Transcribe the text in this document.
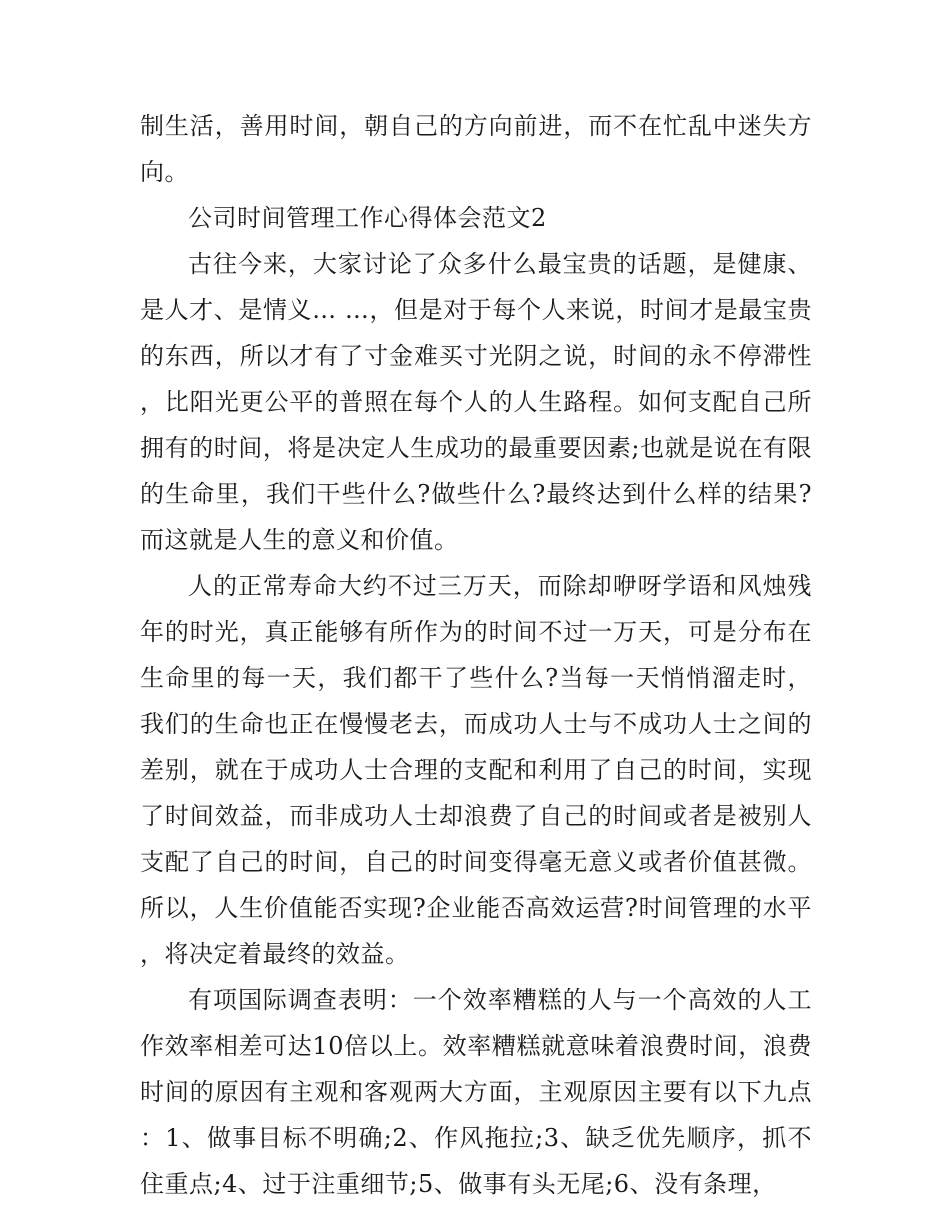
制生活，善用时间，朝自己的方向前进，而不在忙乱中迷失方向。

公司时间管理工作心得体会范文2

古往今来，大家讨论了众多什么最宝贵的话题，是健康、是人才、是情义… …，但是对于每个人来说，时间才是最宝贵的东西，所以才有了寸金难买寸光阴之说，时间的永不停滞性，比阳光更公平的普照在每个人的人生路程。如何支配自己所拥有的时间，将是决定人生成功的最重要因素;也就是说在有限的生命里，我们干些什么?做些什么?最终达到什么样的结果?而这就是人生的意义和价值。

人的正常寿命大约不过三万天，而除却咿呀学语和风烛残年的时光，真正能够有所作为的时间不过一万天，可是分布在生命里的每一天，我们都干了些什么?当每一天悄悄溜走时，我们的生命也正在慢慢老去，而成功人士与不成功人士之间的差别，就在于成功人士合理的支配和利用了自己的时间，实现了时间效益，而非成功人士却浪费了自己的时间或者是被别人支配了自己的时间，自己的时间变得毫无意义或者价值甚微。所以，人生价值能否实现?企业能否高效运营?时间管理的水平，将决定着最终的效益。

有项国际调查表明：一个效率糟糕的人与一个高效的人工作效率相差可达10倍以上。效率糟糕就意味着浪费时间，浪费时间的原因有主观和客观两大方面，主观原因主要有以下九点：1、做事目标不明确;2、作风拖拉;3、缺乏优先顺序，抓不住重点;4、过于注重细节;5、做事有头无尾;6、没有条理，
